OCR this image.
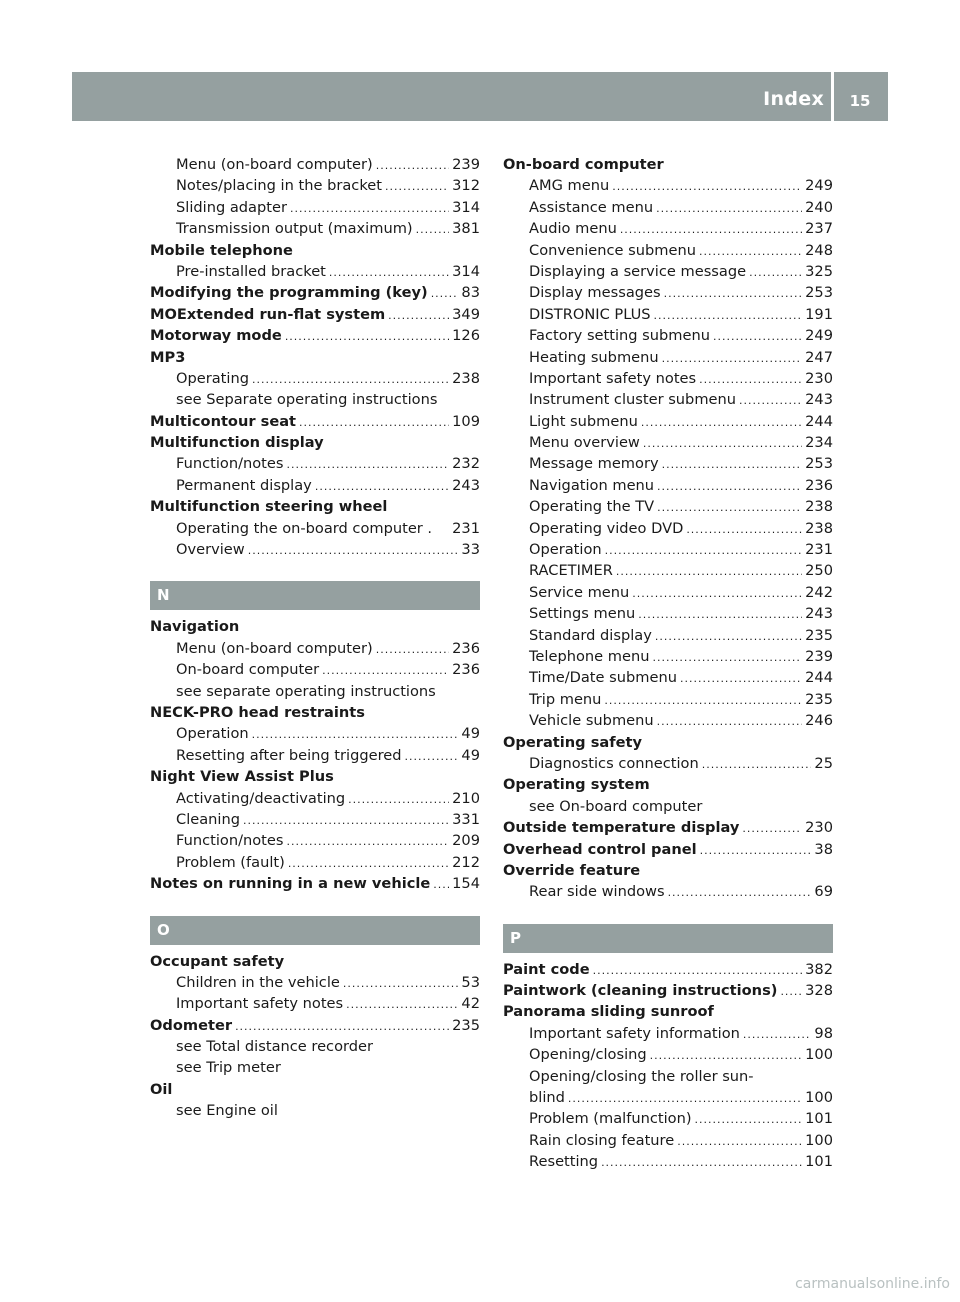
Index	15
Menu (on-board computer) .....	239
Notes/placing in the bracket .....	312
Sliding adapter .....	314
Transmission output (maximum) .....	381
Mobile telephone
Pre-installed bracket .....	314
Modifying the programming (key) ..... 83
MOExtended run-flat system .....	349
Motorway mode .....	126
MP3
Operating .....	238
see Separate operating instructions
Multicontour seat .....	109
Multifunction display
Function/notes .....	232
Permanent display .....	243
Multifunction steering wheel
Operating the on-board computer . 231
Overview .....	33
N
Navigation
Menu (on-board computer) .....	236
On-board computer .....	236
see separate operating instructions
NECK-PRO head restraints
Operation .....	49
Resetting after being triggered .....	49
Night View Assist Plus
Activating/deactivating .....	210
Cleaning .....	331
Function/notes .....	209
Problem (fault) .....	212
Notes on running in a new vehicle ..... 154
O
Occupant safety
Children in the vehicle .....	53
Important safety notes .....	42
Odometer .....	235
see Total distance recorder
see Trip meter
Oil
see Engine oil
On-board computer
AMG menu .....	249
Assistance menu .....	240
Audio menu .....	237
Convenience submenu .....	248
Displaying a service message .....	325
Display messages .....	253
DISTRONIC PLUS .....	191
Factory setting submenu .....	249
Heating submenu .....	247
Important safety notes .....	230
Instrument cluster submenu .....	243
Light submenu .....	244
Menu overview .....	234
Message memory .....	253
Navigation menu .....	236
Operating the TV .....	238
Operating video DVD .....	238
Operation .....	231
RACETIMER .....	250
Service menu .....	242
Settings menu .....	243
Standard display .....	235
Telephone menu .....	239
Time/Date submenu .....	244
Trip menu .....	235
Vehicle submenu .....	246
Operating safety
Diagnostics connection .....	25
Operating system
see On-board computer
Outside temperature display .....	230
Overhead control panel .....	38
Override feature
Rear side windows .....	69
P
Paint code .....	382
Paintwork (cleaning instructions) ..... 328
Panorama sliding sunroof
Important safety information .....	98
Opening/closing .....	100
Opening/closing the roller sun-
blind .....	100
Problem (malfunction) .....	101
Rain closing feature .....	100
Resetting .....	101
carmanualsonline.info
